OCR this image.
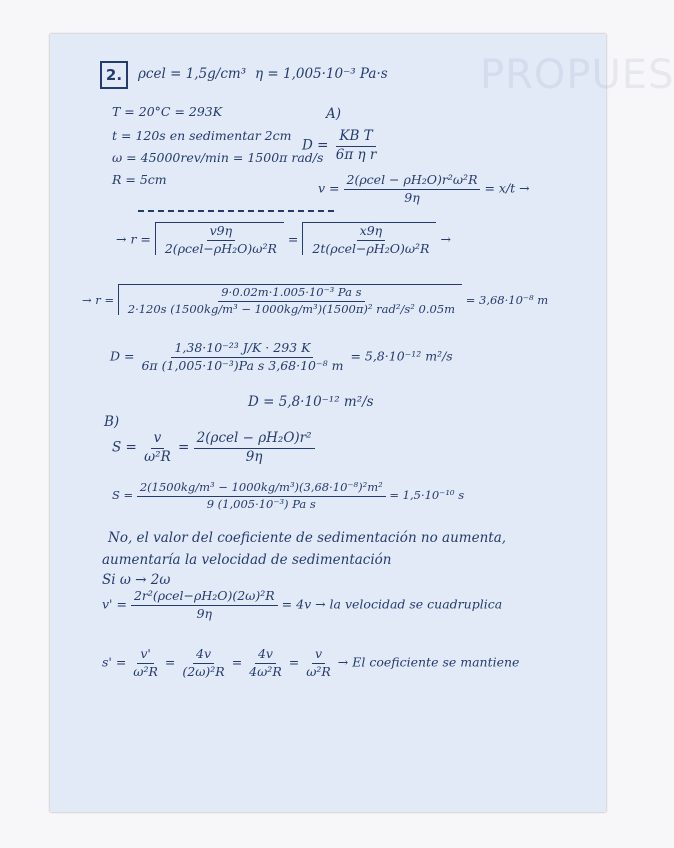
PROPUES
2.	ρcel = 1,5g/cm³ η = 1,005·10⁻³ Pa·s
T = 20°C = 293K
t = 120s en sedimentar 2cm
ω = 45000rev/min = 1500π rad/s
R = 5cm
A)
$D = \frac{\text{KB T}}{\text{6π η r}}$
$v = \frac{\text{2(ρcel − ρH₂O)r²ω²R}}{9\eta} = x/t$ →
→ $r = \frac{v9\eta}{\text{2(ρcel−ρH₂O)ω²R}} = \frac{x9\eta}{\text{2t(ρcel−ρH₂O)ω²R}}$ →
→ $r = \frac{\text{9·0.02m·1.005·10⁻³ Pa s}}{\text{2·120s (1500kg/m³ − 1000kg/m³)(1500π)² rad²/s² 0.05m}} = 3,68\cdot 10^{-8}$ m
$D = \frac{\text{1,38·10⁻²³ J/K · 293 K}}{\text{6π (1,005·10⁻³)Pa s 3,68·10⁻⁸ m}} = 5,8\cdot 10^{-12}$ m²/s
D = 5,8·10⁻¹² m²/s
B)
$S = \frac{v}{\text{ω²R}} = \frac{\text{2(ρcel − ρH₂O)r²}}{9\eta}$
$S = \frac{\text{2(1500kg/m³ − 1000kg/m³)(3,68·10⁻⁸)²m²}}{\text{9 (1,005·10⁻³) Pa s}} = 1,5\cdot 10^{-10}$ s
No, el valor del coeficiente de sedimentación no aumenta,
aumentaría la velocidad de sedimentación
Si ω → 2ω
$v' = \frac{\text{2r²(ρcel−ρH₂O)(2ω)²R}}{9\eta} = 4v$ → la velocidad se cuadruplica
$s' = \frac{v'}{\text{ω²R}} = \frac{4v}{\text{(2ω)²R}} = \frac{4v}{\text{4ω²R}} = \frac{v}{\text{ω²R}} \to El$ coeficiente se mantiene
